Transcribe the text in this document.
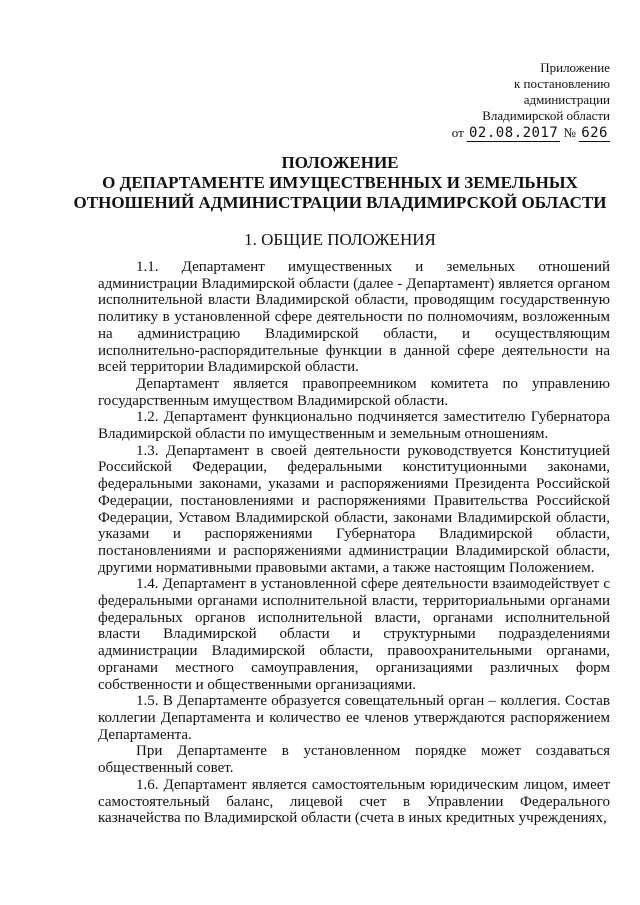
Приложение
к постановлению
администрации
Владимирской области
от 02.08.2017 № 626
ПОЛОЖЕНИЕ
О ДЕПАРТАМЕНТЕ ИМУЩЕСТВЕННЫХ И ЗЕМЕЛЬНЫХ
ОТНОШЕНИЙ АДМИНИСТРАЦИИ ВЛАДИМИРСКОЙ ОБЛАСТИ
1. ОБЩИЕ ПОЛОЖЕНИЯ

1.1. Департамент имущественных и земельных отношений администрации Владимирской области (далее - Департамент) является органом исполнительной власти Владимирской области, проводящим государственную политику в установленной сфере деятельности по полномочиям, возложенным на администрацию Владимирской области, и осуществляющим исполнительно-распорядительные функции в данной сфере деятельности на всей территории Владимирской области.

Департамент является правопреемником комитета по управлению государственным имуществом Владимирской области.

1.2. Департамент функционально подчиняется заместителю Губернатора Владимирской области по имущественным и земельным отношениям.

1.3. Департамент в своей деятельности руководствуется Конституцией Российской Федерации, федеральными конституционными законами, федеральными законами, указами и распоряжениями Президента Российской Федерации, постановлениями и распоряжениями Правительства Российской Федерации, Уставом Владимирской области, законами Владимирской области, указами и распоряжениями Губернатора Владимирской области, постановлениями и распоряжениями администрации Владимирской области, другими нормативными правовыми актами, а также настоящим Положением.

1.4. Департамент в установленной сфере деятельности взаимодействует с федеральными органами исполнительной власти, территориальными органами федеральных органов исполнительной власти, органами исполнительной власти Владимирской области и структурными подразделениями администрации Владимирской области, правоохранительными органами, органами местного самоуправления, организациями различных форм собственности и общественными организациями.

1.5. В Департаменте образуется совещательный орган – коллегия. Состав коллегии Департамента и количество ее членов утверждаются распоряжением Департамента.

При Департаменте в установленном порядке может создаваться общественный совет.

1.6. Департамент является самостоятельным юридическим лицом, имеет самостоятельный баланс, лицевой счет в Управлении Федерального казначейства по Владимирской области (счета в иных кредитных учреждениях,
